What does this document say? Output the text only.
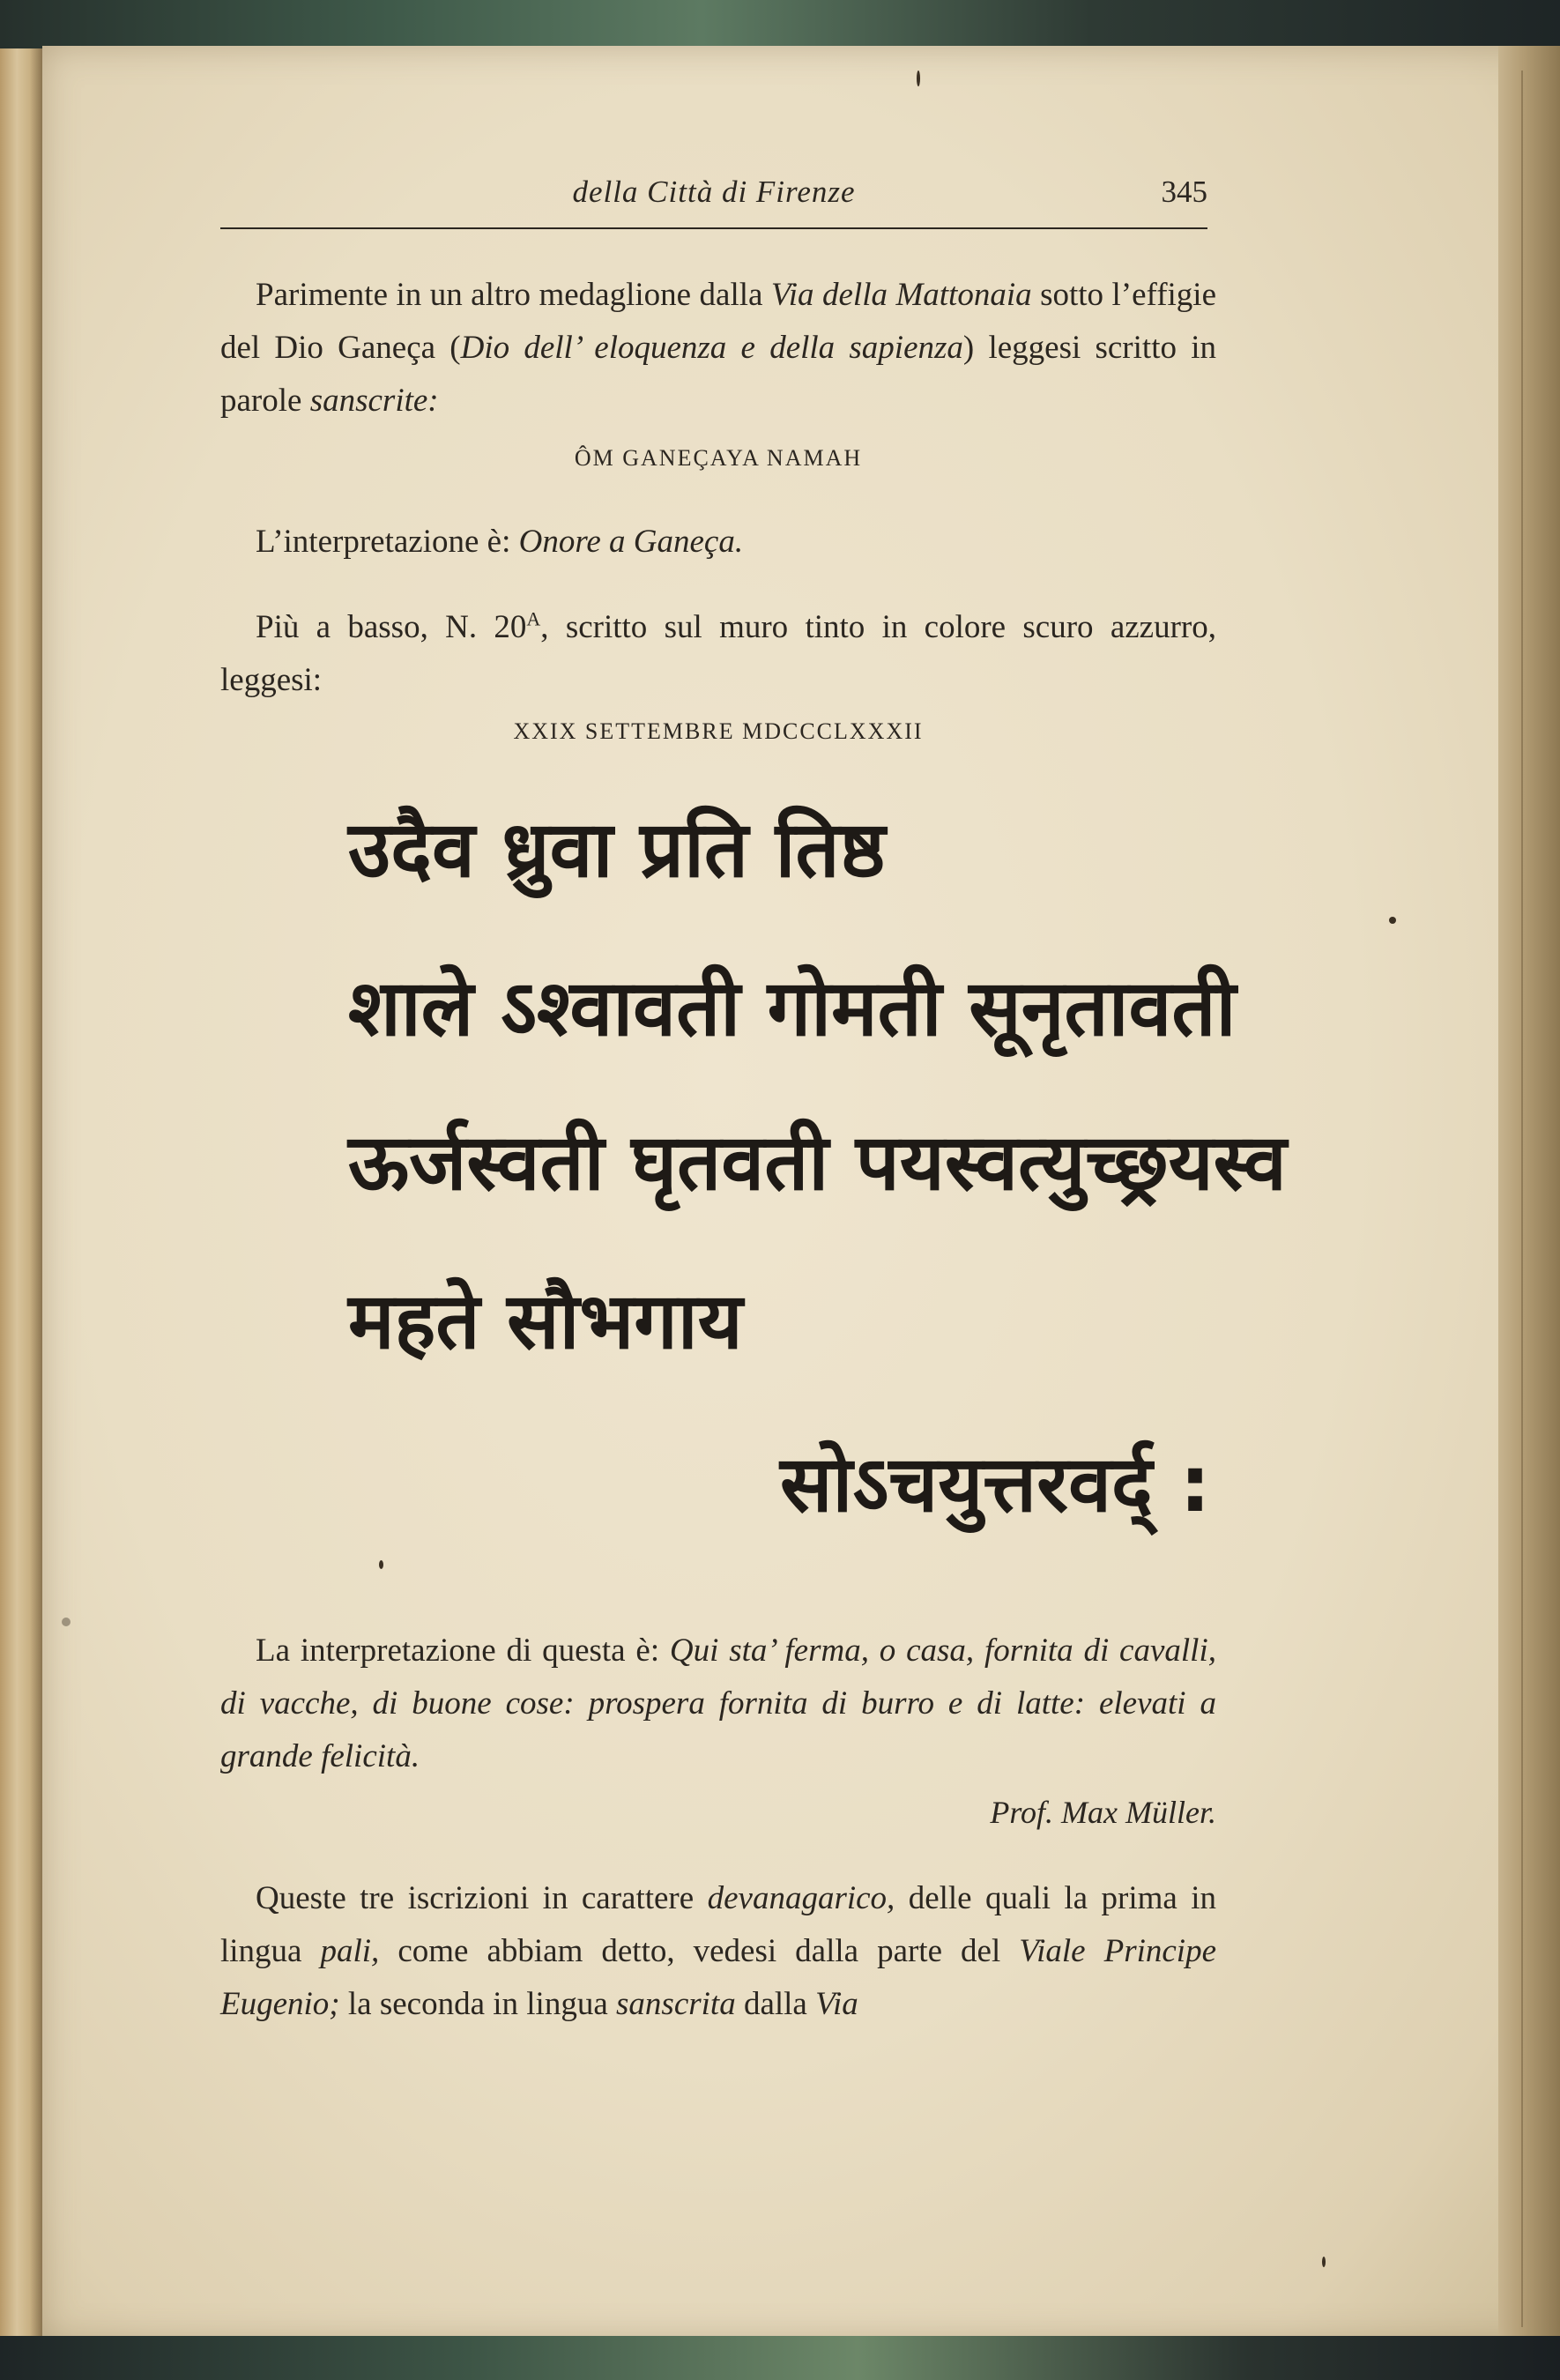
della Città di Firenze	345
Parimente in un altro medaglione dalla Via della Mattonaia sotto l’effigie del Dio Ganeça (Dio dell’ eloquenza e della sapienza) leggesi scritto in parole sanscrite:
ÔM GANEÇAYA NAMAH
L’interpretazione è: Onore a Ganeça.
Più a basso, N. $20^A$, scritto sul muro tinto in colore scuro azzurro, leggesi:
XXIX SETTEMBRE MDCCCLXXXII
उदैव ध्रुवा प्रति तिष्ठ
शाले ऽश्वावती गोमती सूनृतावती
ऊर्जस्वती घृतवती पयस्वत्युच्छ्रयस्व
महते सौभगाय
सोऽचयुत्तरवर्द् :
La interpretazione di questa è: Qui sta’ ferma, o casa, fornita di cavalli, di vacche, di buone cose: prospera fornita di burro e di latte: elevati a grande felicità.
Prof. Max Müller.
Queste tre iscrizioni in carattere devanagarico, delle quali la prima in lingua pali, come abbiam detto, vedesi dalla parte del Viale Principe Eugenio; la seconda in lingua sanscrita dalla Via
